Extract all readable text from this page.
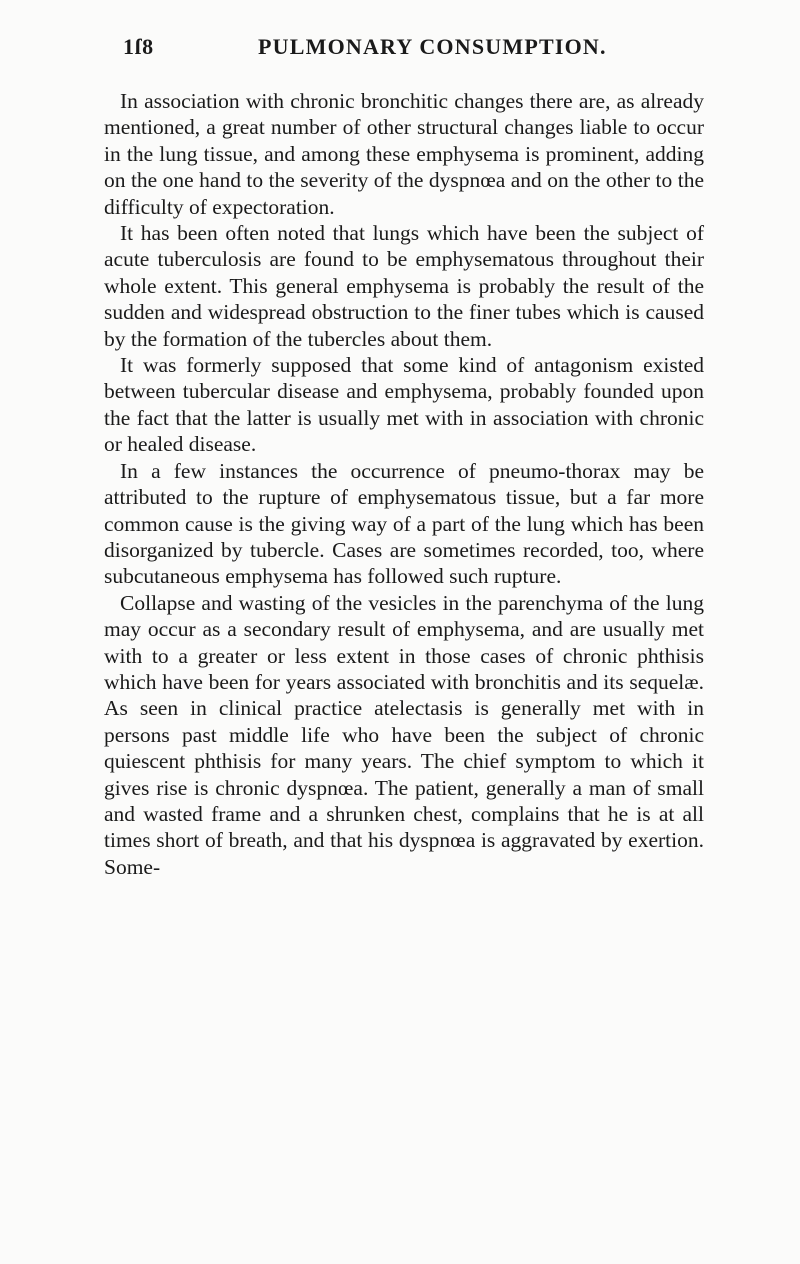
1ſ8	PULMONARY CONSUMPTION.

In association with chronic bronchitic changes there are, as already mentioned, a great number of other structural changes liable to occur in the lung tissue, and among these emphysema is prominent, adding on the one hand to the severity of the dyspnœa and on the other to the difficulty of expectoration.

It has been often noted that lungs which have been the subject of acute tuberculosis are found to be emphysematous throughout their whole extent. This general emphysema is probably the result of the sudden and widespread obstruction to the finer tubes which is caused by the formation of the tubercles about them.

It was formerly supposed that some kind of antagonism existed between tubercular disease and emphysema, probably founded upon the fact that the latter is usually met with in association with chronic or healed disease.

In a few instances the occurrence of pneumo-thorax may be attributed to the rupture of emphysematous tissue, but a far more common cause is the giving way of a part of the lung which has been disorganized by tubercle. Cases are sometimes recorded, too, where subcutaneous emphysema has followed such rupture.

Collapse and wasting of the vesicles in the parenchyma of the lung may occur as a secondary result of emphysema, and are usually met with to a greater or less extent in those cases of chronic phthisis which have been for years associated with bronchitis and its sequelæ. As seen in clinical practice atelectasis is generally met with in persons past middle life who have been the subject of chronic quiescent phthisis for many years. The chief symptom to which it gives rise is chronic dyspnœa. The patient, generally a man of small and wasted frame and a shrunken chest, complains that he is at all times short of breath, and that his dyspnœa is aggravated by exertion. Some-
